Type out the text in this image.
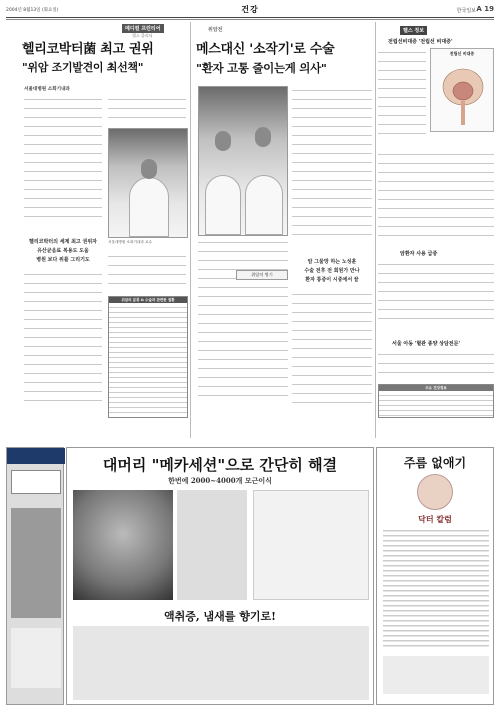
2004년 8월13일 (화요일)	건강	한국일보 A 19
메디컬 프런티어
헬스 클리닉
헬리코박터菌 최고 권위
"위암 조기발견이 최선책"
서울대병원 소화기내과
서울대병원 소화기내과 교수
헬리코박터의 세계 최고 권위자
유산균음료 복용도 도움
병원 보다 위를 그리기도
위암의 분류 & 수술과 관련한 질환
위암전
메스대신 '소작기'로 수술
"환자 고통 줄이는게 의사"
암 그물망 하는 노성훈
수술 전후 전 회원가 만나
환자 통증이 시중에서 끝
위암의 병기
헬스 정보
전립선비대증 '전립선 비대증'
전립선 비대증
암환자 사용 급증
서울 아동 '혈관 종양 상담전문'
주요 건강정보
대머리 "메카세션"으로 간단히 해결
한번에 2000~4000개 모근이식
액취증, 냄새를 향기로!
주름 없애기
닥터 칼럼
